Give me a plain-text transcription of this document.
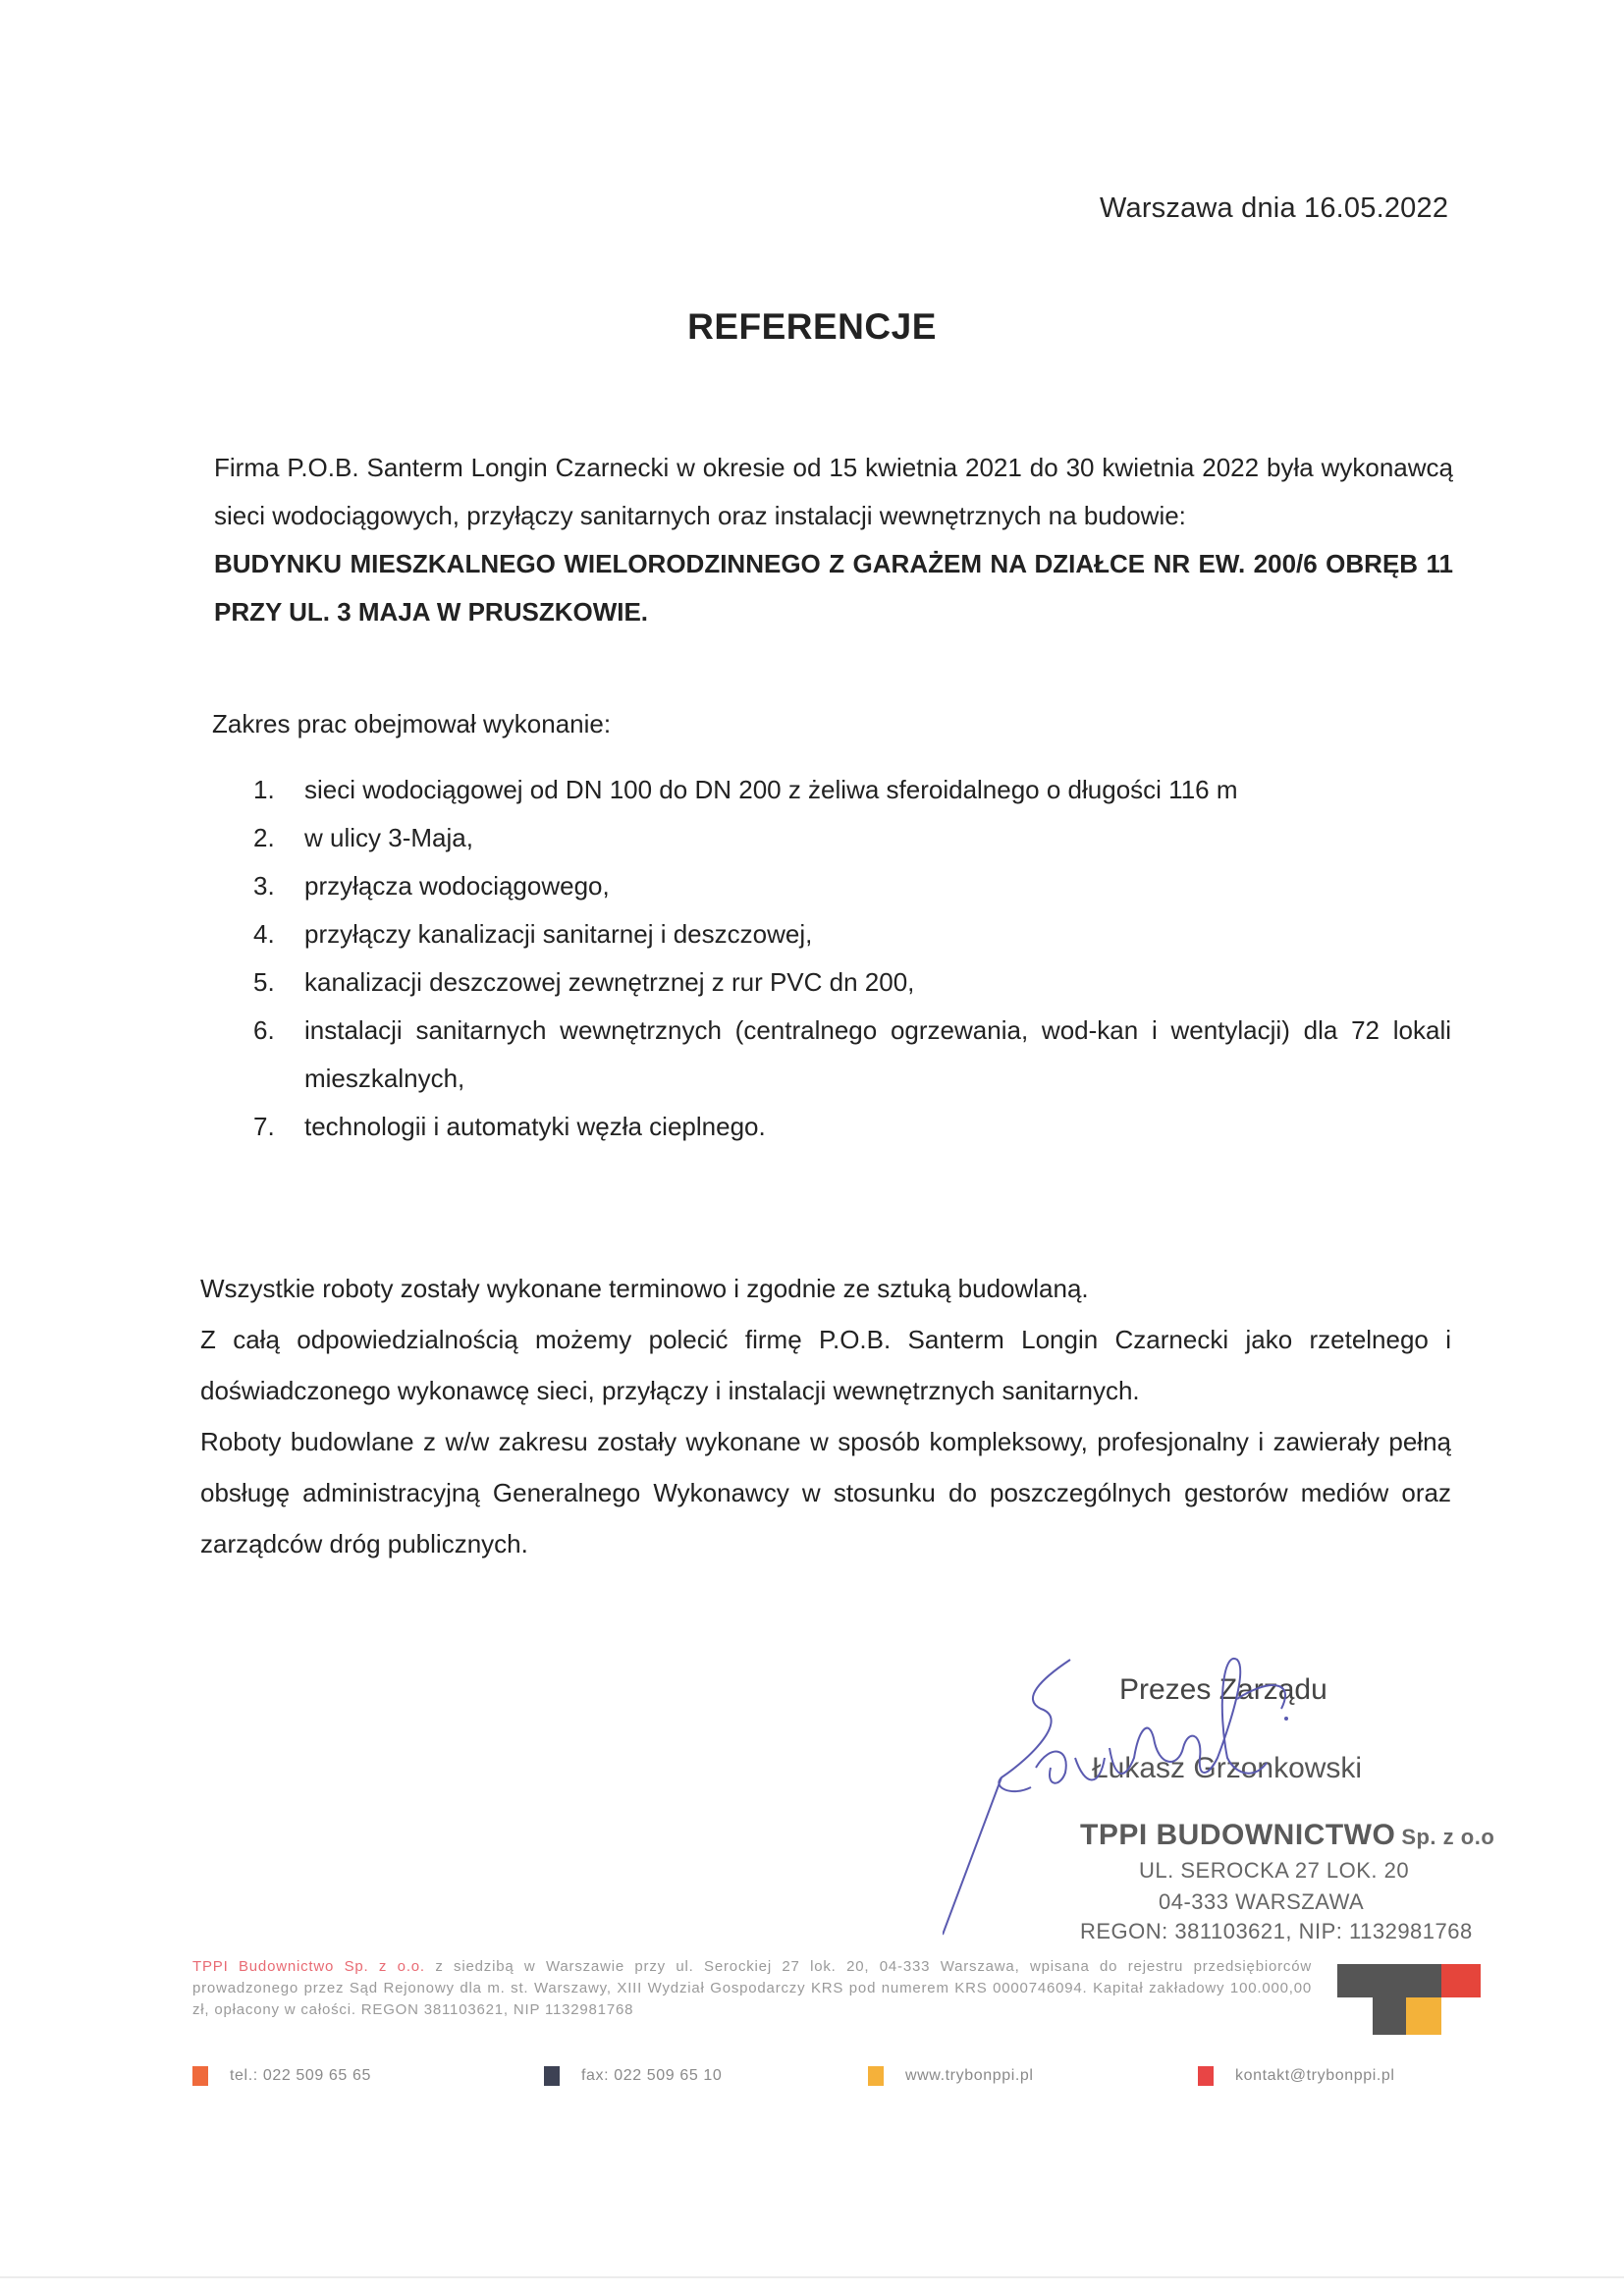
Warszawa dnia 16.05.2022
REFERENCJE
Firma P.O.B. Santerm Longin Czarnecki w okresie od 15 kwietnia 2021 do 30 kwietnia 2022 była wykonawcą sieci wodociągowych, przyłączy sanitarnych oraz instalacji wewnętrznych na budowie:
BUDYNKU MIESZKALNEGO WIELORODZINNEGO Z GARAŻEM NA DZIAŁCE NR EW. 200/6 OBRĘB 11 PRZY UL. 3 MAJA W PRUSZKOWIE.
Zakres prac obejmował wykonanie:
1. sieci wodociągowej od DN 100 do DN 200 z żeliwa sferoidalnego o długości 116 m
2. w ulicy 3-Maja,
3. przyłącza wodociągowego,
4. przyłączy kanalizacji sanitarnej i deszczowej,
5. kanalizacji deszczowej zewnętrznej z rur PVC dn 200,
6. instalacji sanitarnych wewnętrznych (centralnego ogrzewania, wod-kan i wentylacji) dla 72 lokali mieszkalnych,
7. technologii i automatyki węzła cieplnego.

Wszystkie roboty zostały wykonane terminowo i zgodnie ze sztuką budowlaną.

Z całą odpowiedzialnością możemy polecić firmę P.O.B. Santerm Longin Czarnecki jako rzetelnego i doświadczonego wykonawcę sieci, przyłączy i instalacji wewnętrznych sanitarnych.

Roboty budowlane z w/w zakresu zostały wykonane w sposób kompleksowy, profesjonalny i zawierały pełną obsługę administracyjną Generalnego Wykonawcy w stosunku do poszczególnych gestorów mediów oraz zarządców dróg publicznych.

Prezes Zarządu
Łukasz Grzonkowski
TPPI BUDOWNICTWO Sp. z o.o
UL. SEROCKA 27 LOK. 20
04-333 WARSZAWA
REGON: 381103621, NIP: 1132981768
TPPI Budownictwo Sp. z o.o. z siedzibą w Warszawie przy ul. Serockiej 27 lok. 20, 04-333 Warszawa, wpisana do rejestru przedsiębiorców prowadzonego przez Sąd Rejonowy dla m. st. Warszawy, XIII Wydział Gospodarczy KRS pod numerem KRS 0000746094. Kapitał zakładowy 100.000,00 zł, opłacony w całości. REGON 381103621, NIP 1132981768
tel.: 022 509 65 65	fax: 022 509 65 10	www.trybonppi.pl	kontakt@trybonppi.pl
